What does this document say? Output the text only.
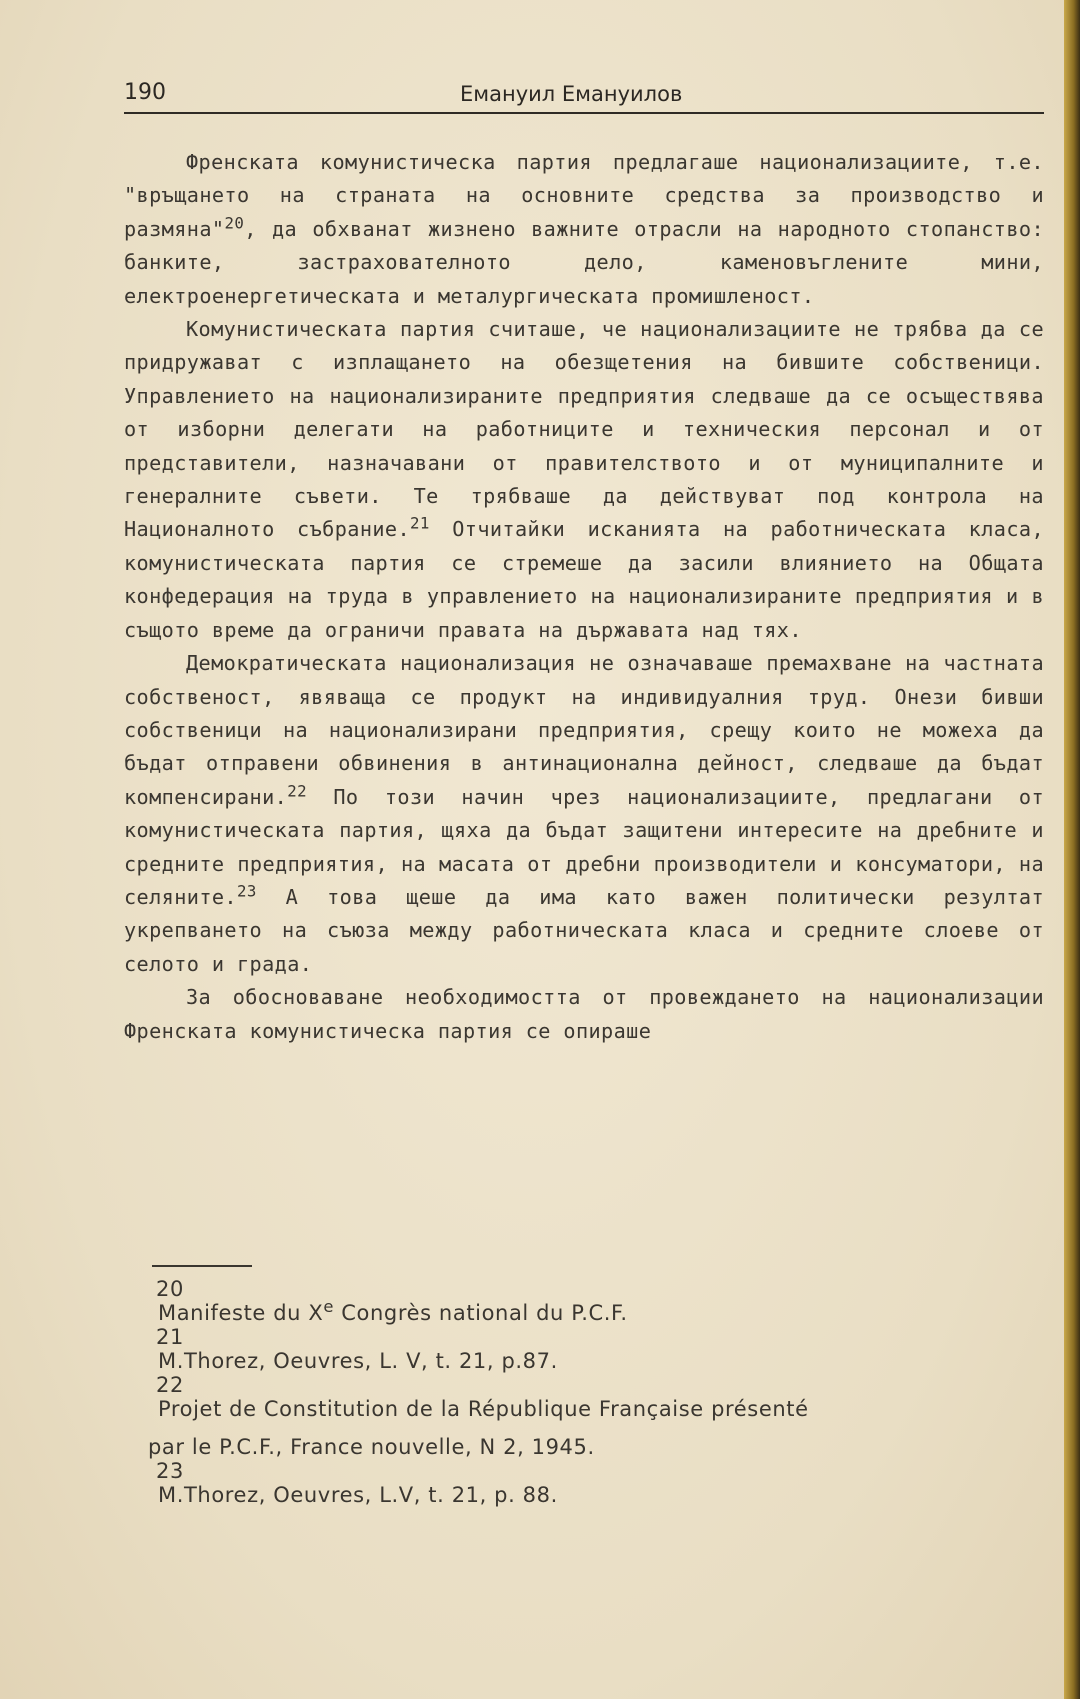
190	Емануил Емануилов

Френската комунистическа партия предлагаше национализациите, т.е. "връщането на страната на основните средства за производство и размяна"$^{20}$, да обхванат жизнено важните отрасли на народното стопанство: банките, застрахователното дело, каменовъглените мини, електроенергетическата и металургическата промишленост.

Комунистическата партия считаше, че национализациите не трябва да се придружават с изплащането на обезщетения на бившите собственици. Управлението на национализираните предприятия следваше да се осъществява от изборни делегати на работниците и техническия персонал и от представители, назначавани от правителството и от муниципалните и генералните съвети. Те трябваше да действуват под контрола на Националното събрание.$^{21}$ Отчитайки исканията на работническата класа, комунистическата партия се стремеше да засили влиянието на Общата конфедерация на труда в управлението на национализираните предприятия и в същото време да ограничи правата на държавата над тях.

Демократическата национализация не означаваше премахване на частната собственост, явяваща се продукт на индивидуалния труд. Онези бивши собственици на национализирани предприятия, срещу които не можеха да бъдат отправени обвинения в антинационална дейност, следваше да бъдат компенсирани.$^{22}$ По този начин чрез национализациите, предлагани от комунистическата партия, щяха да бъдат защитени интересите на дребните и средните предприятия, на масата от дребни производители и консуматори, на селяните.$^{23}$ А това щеше да има като важен политически резултат укрепването на съюза между работническата класа и средните слоеве от селото и града.

За обосноваване необходимостта от провеждането на национализации Френската комунистическа партия се опираше

20
Manifeste du Xe Congrès national du P.C.F.
21
M.Thorez, Oeuvres, L. V, t. 21, p.87.
22
Projet de Constitution de la République Française présenté
par le P.C.F., France nouvelle, N 2, 1945.
23
M.Thorez, Oeuvres, L.V, t. 21, p. 88.
